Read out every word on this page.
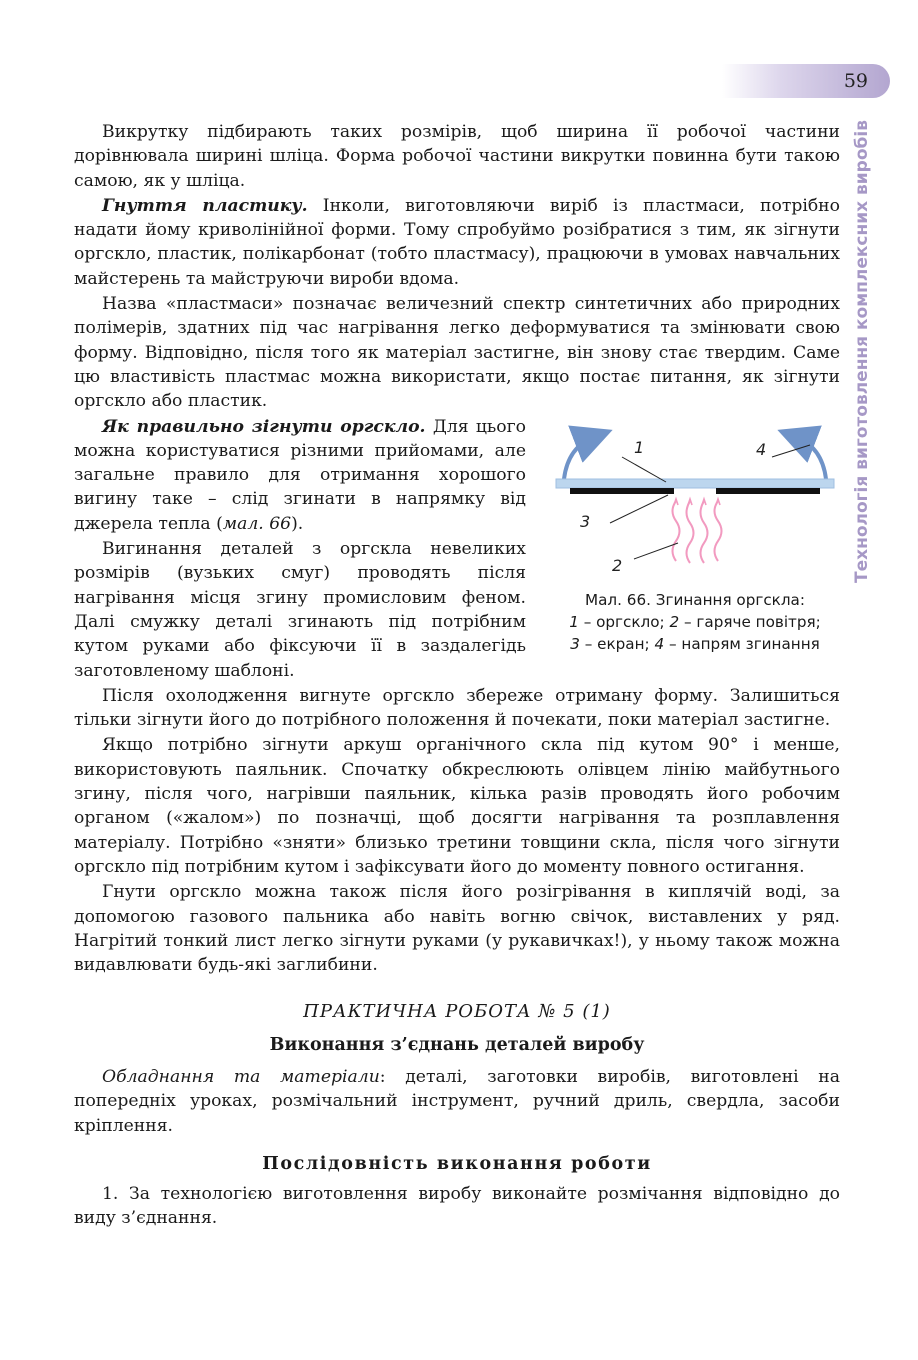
59
Технологія виготовлення комплексних виробів

Викрутку підбирають таких розмірів, щоб ширина її робочої частини дорівнювала ширині шліца. Форма робочої частини викрутки повинна бути такою самою, як у шліца.

Гнуття пластику. Інколи, виготовляючи виріб із пластмаси, потрібно надати йому криволінійної форми. Тому спробуймо розібратися з тим, як зігнути оргскло, пластик, полікарбонат (тобто пластмасу), працюючи в умовах навчальних майстерень та майструючи вироби вдома.

Назва «пластмаси» позначає величезний спектр синтетичних або природних полімерів, здатних під час нагрівання легко деформуватися та змінювати свою форму. Відповідно, після того як матеріал застигне, він знову стає твердим. Саме цю властивість пластмас можна використати, якщо постає питання, як зігнути оргскло або пластик.

1
3
2
4
Мал. 66. Згинання оргскла:
1 – оргскло; 2 – гаряче повітря;
3 – екран; 4 – напрям згинання

Як правильно зігнути оргскло. Для цього можна користуватися різними прийомами, але загальне правило для отримання хорошого вигину таке – слід згинати в напрямку від джерела тепла (мал. 66).

Вигинання деталей з оргскла невеликих розмірів (вузьких смуг) проводять після нагрівання місця згину промисловим феном. Далі смужку деталі згинають під потрібним кутом руками або фіксуючи її в заздалегідь заготовленому шаблоні.

Після охолодження вигнуте оргскло збереже отриману форму. Залишиться тільки зігнути його до потрібного положення й почекати, поки матеріал застигне.

Якщо потрібно зігнути аркуш органічного скла під кутом 90° і менше, використовують паяльник. Спочатку обкреслюють олівцем лінію майбутнього згину, після чого, нагрівши паяльник, кілька разів проводять його робочим органом («жалом») по позначці, щоб досягти нагрівання та розплавлення матеріалу. Потрібно «зняти» близько третини товщини скла, після чого зігнути оргскло під потрібним кутом і зафіксувати його до моменту повного остигання.

Гнути оргскло можна також після його розігрівання в киплячій воді, за допомогою газового пальника або навіть вогню свічок, виставлених у ряд. Нагрітий тонкий лист легко зігнути руками (у рукавичках!), у ньому також можна видавлювати будь-які заглибини.

ПРАКТИЧНА РОБОТА № 5 (1)
Виконання з’єднань деталей виробу

Обладнання та матеріали: деталі, заготовки виробів, виготовлені на попередніх уроках, розмічальний інструмент, ручний дриль, свердла, засоби кріплення.

Послідовність виконання роботи

1. За технологією виготовлення виробу виконайте розмічання відповідно до виду з’єднання.
